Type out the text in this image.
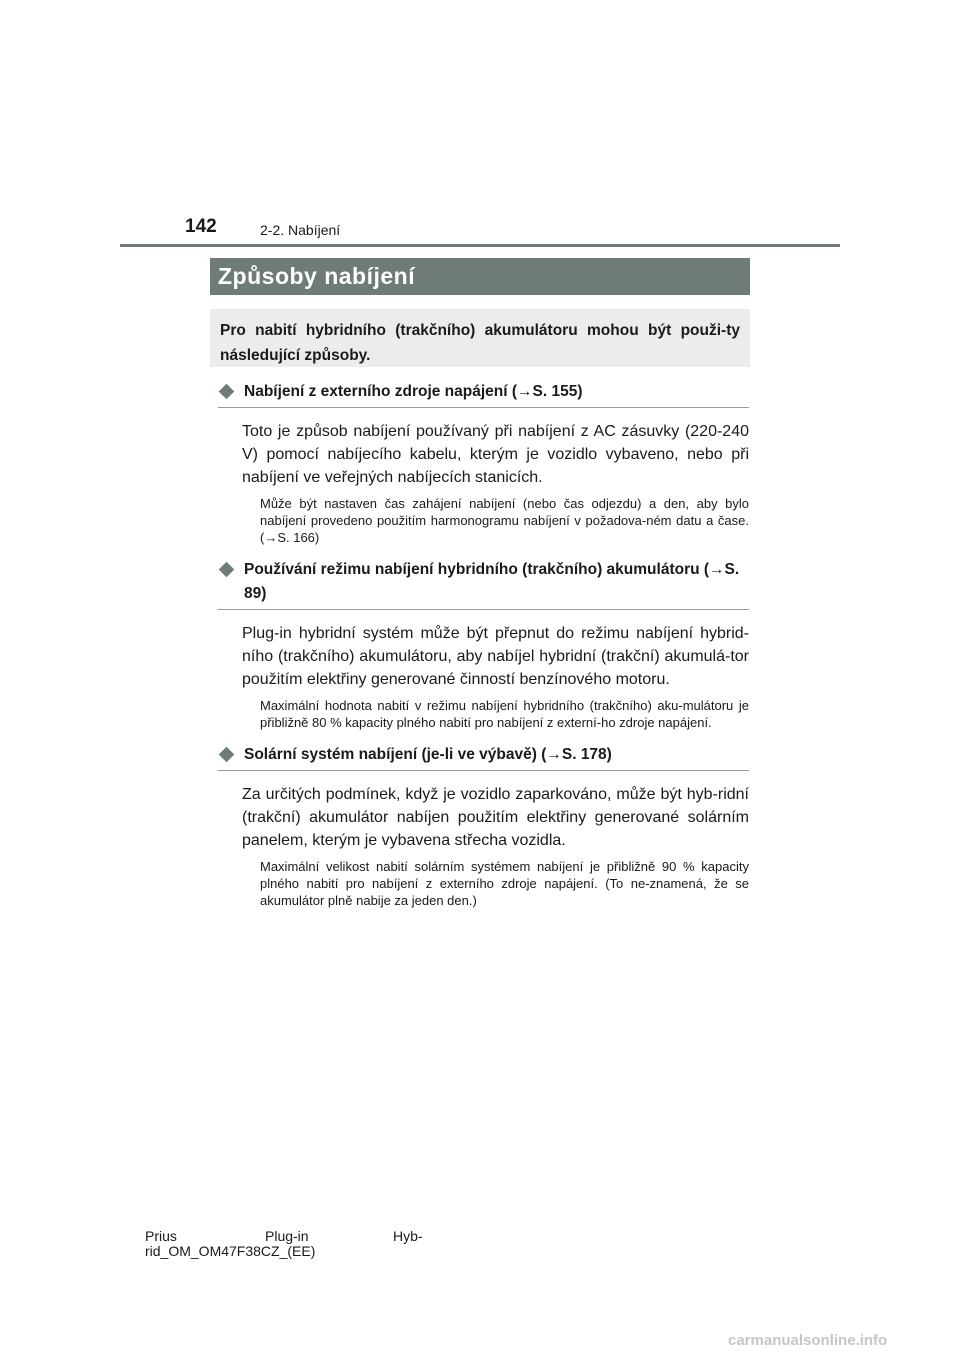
142	2-2. Nabíjení
Způsoby nabíjení
Pro nabití hybridního (trakčního) akumulátoru mohou být použi-ty následující způsoby.
Nabíjení z externího zdroje napájení (→S. 155)
Toto je způsob nabíjení používaný při nabíjení z AC zásuvky (220-240 V) pomocí nabíjecího kabelu, kterým je vozidlo vybaveno, nebo při nabíjení ve veřejných nabíjecích stanicích.
Může být nastaven čas zahájení nabíjení (nebo čas odjezdu) a den, aby bylo nabíjení provedeno použitím harmonogramu nabíjení v požadova-ném datu a čase. (→S. 166)
Používání režimu nabíjení hybridního (trakčního) akumulátoru (→S. 89)
Plug-in hybridní systém může být přepnut do režimu nabíjení hybrid-ního (trakčního) akumulátoru, aby nabíjel hybridní (trakční) akumulá-tor použitím elektřiny generované činností benzínového motoru.
Maximální hodnota nabití v režimu nabíjení hybridního (trakčního) aku-mulátoru je přibližně 80 % kapacity plného nabití pro nabíjení z externí-ho zdroje napájení.
Solární systém nabíjení (je-li ve výbavě) (→S. 178)
Za určitých podmínek, když je vozidlo zaparkováno, může být hyb-ridní (trakční) akumulátor nabíjen použitím elektřiny generované solárním panelem, kterým je vybavena střecha vozidla.
Maximální velikost nabití solárním systémem nabíjení je přibližně 90 % kapacity plného nabití pro nabíjení z externího zdroje napájení. (To ne-znamená, že se akumulátor plně nabije za jeden den.)
Prius	Plug-in	Hyb-
rid_OM_OM47F38CZ_(EE)
carmanualsonline.info
